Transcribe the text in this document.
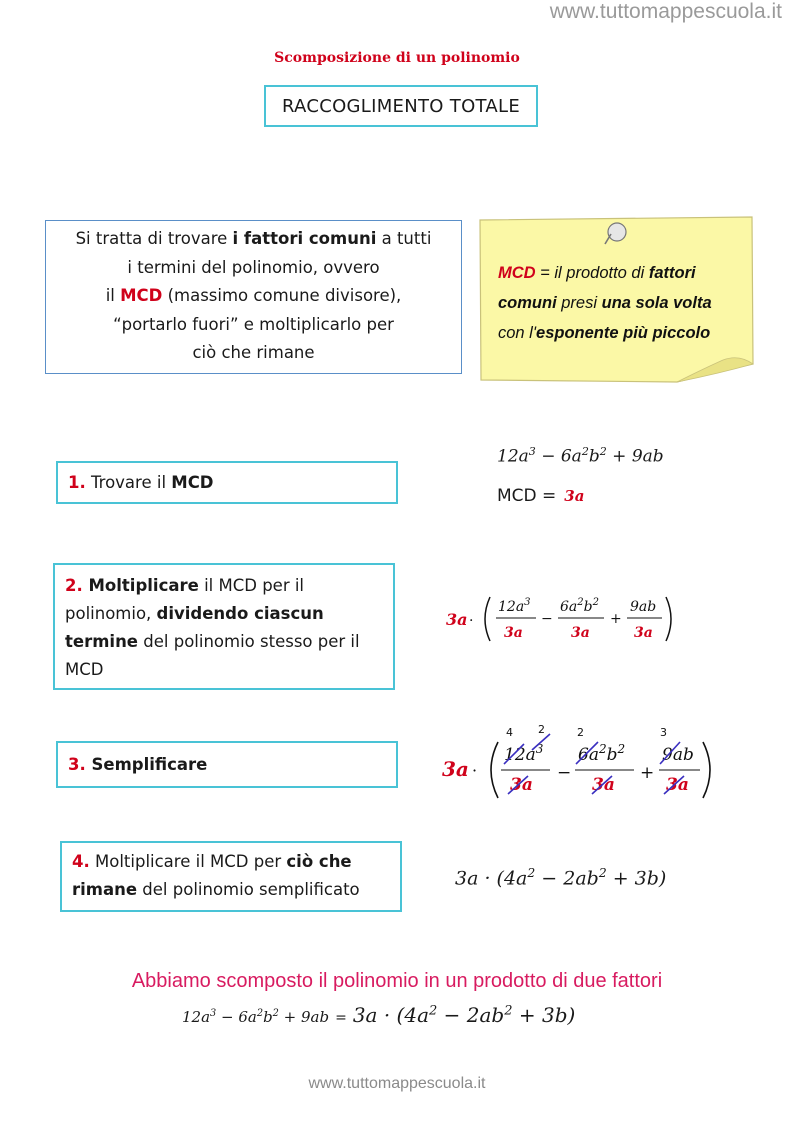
www.tuttomappescuola.it
Scomposizione di un polinomio
RACCOGLIMENTO TOTALE

Si tratta di trovare i fattori comuni a tutti

i termini del polinomio, ovvero

il MCD (massimo comune divisore),

“portarlo fuori” e moltiplicarlo per

ciò che rimane

MCD = il prodotto di fattori
comuni presi una sola volta
con l'esponente più piccolo

1. Trovare il MCD

$12a^3 - 6a^2b^2 + 9ab$
MCD = 3a

2. Moltiplicare il MCD per il

polinomio, dividendo ciascun

termine del polinomio stesso per il

MCD

3a ·
$12a^3$
3a
−
$6a^2b^2$
3a
+
9ab
3a

3. Semplificare	3a ·
$12a^3$
3a
−
$6a^2b^2$
3a
+
9ab
3a
4 2	2	3

4. Moltiplicare il MCD per ciò che

rimane del polinomio semplificato

$3a \cdot (4a^2 - 2ab^2 + 3b)$
Abbiamo scomposto il polinomio in un prodotto di due fattori
$12a^3 - 6a^2b^2 + 9ab = 3a \cdot (4a^2 - 2ab^2 + 3b)$
www.tuttomappescuola.it
